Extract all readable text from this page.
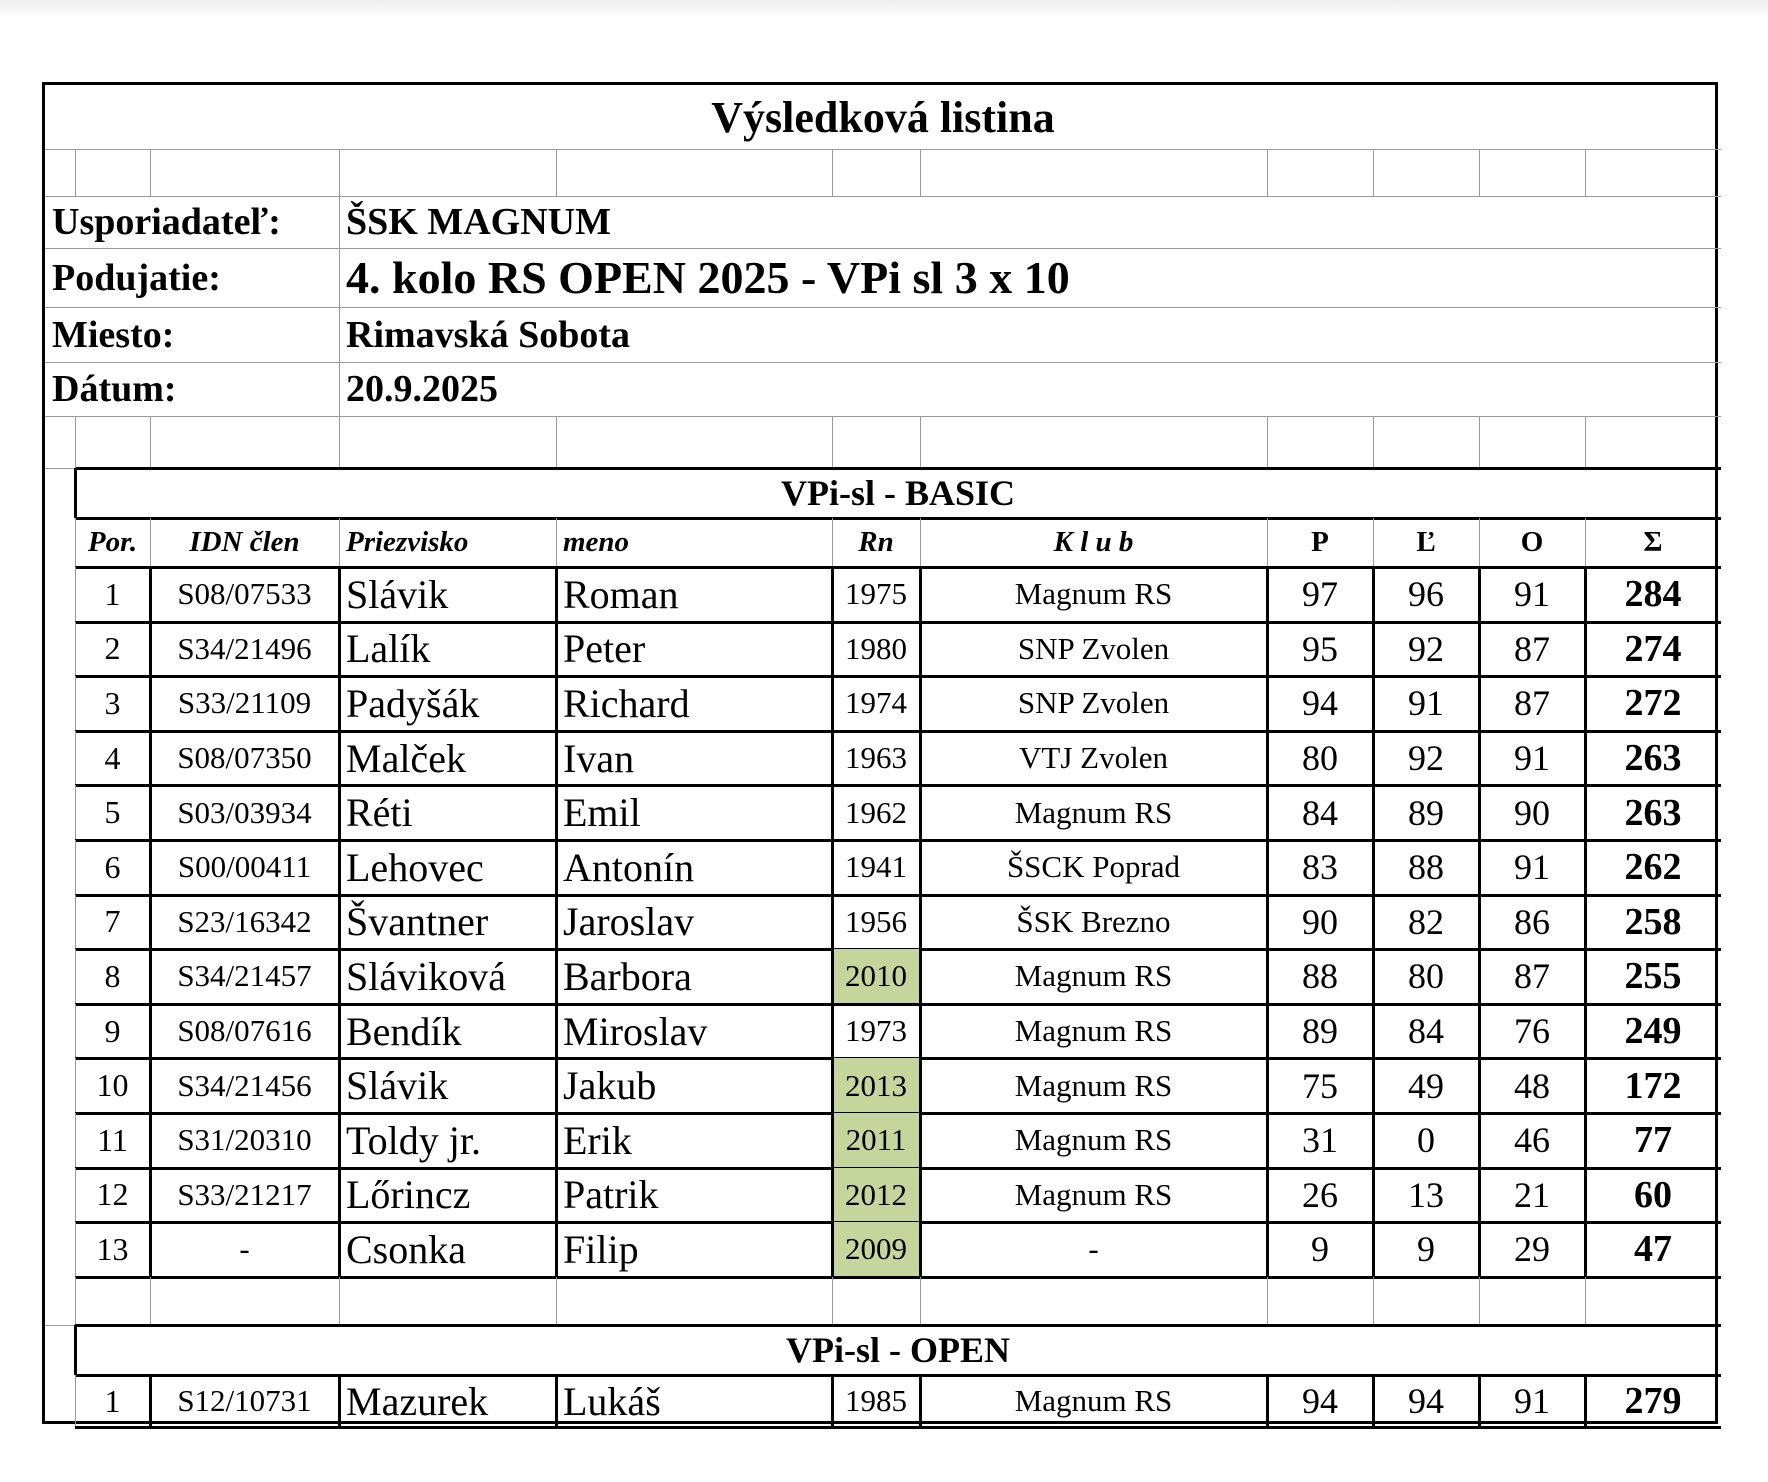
Výsledková listina
Usporiadateľ:	ŠSK MAGNUM
Podujatie:	4. kolo RS OPEN 2025 - VPi sl 3 x 10
Miesto:	Rimavská Sobota
Dátum:	20.9.2025
VPi-sl - BASIC
Por.	IDN člen	Priezvisko	meno	Rn	K l u b	P	Ľ	O	Σ
1	S08/07533 Slávik	Roman	1975	Magnum RS	97	96	91	284
2	S34/21496 Lalík	Peter	1980	SNP Zvolen	95	92	87	274
3	S33/21109 Padyšák	Richard	1974	SNP Zvolen	94	91	87	272
4	S08/07350 Malček	Ivan	1963	VTJ Zvolen	80	92	91	263
5	S03/03934 Réti	Emil	1962	Magnum RS	84	89	90	263
6	S00/00411 Lehovec	Antonín	1941	ŠSCK Poprad	83	88	91	262
7	S23/16342 Švantner	Jaroslav	1956	ŠSK Brezno	90	82	86	258
8	S34/21457 Sláviková	Barbora	2010	Magnum RS	88	80	87	255
9	S08/07616 Bendík	Miroslav	1973	Magnum RS	89	84	76	249
10	S34/21456 Slávik	Jakub	2013	Magnum RS	75	49	48	172
11	S31/20310 Toldy jr.	Erik	2011	Magnum RS	31	0	46	77
12	S33/21217 Lőrincz	Patrik	2012	Magnum RS	26	13	21	60
13	-	Csonka	Filip	2009	-	9	9	29	47
VPi-sl - OPEN
1	S12/10731 Mazurek	Lukáš	1985	Magnum RS	94	94	91	279
